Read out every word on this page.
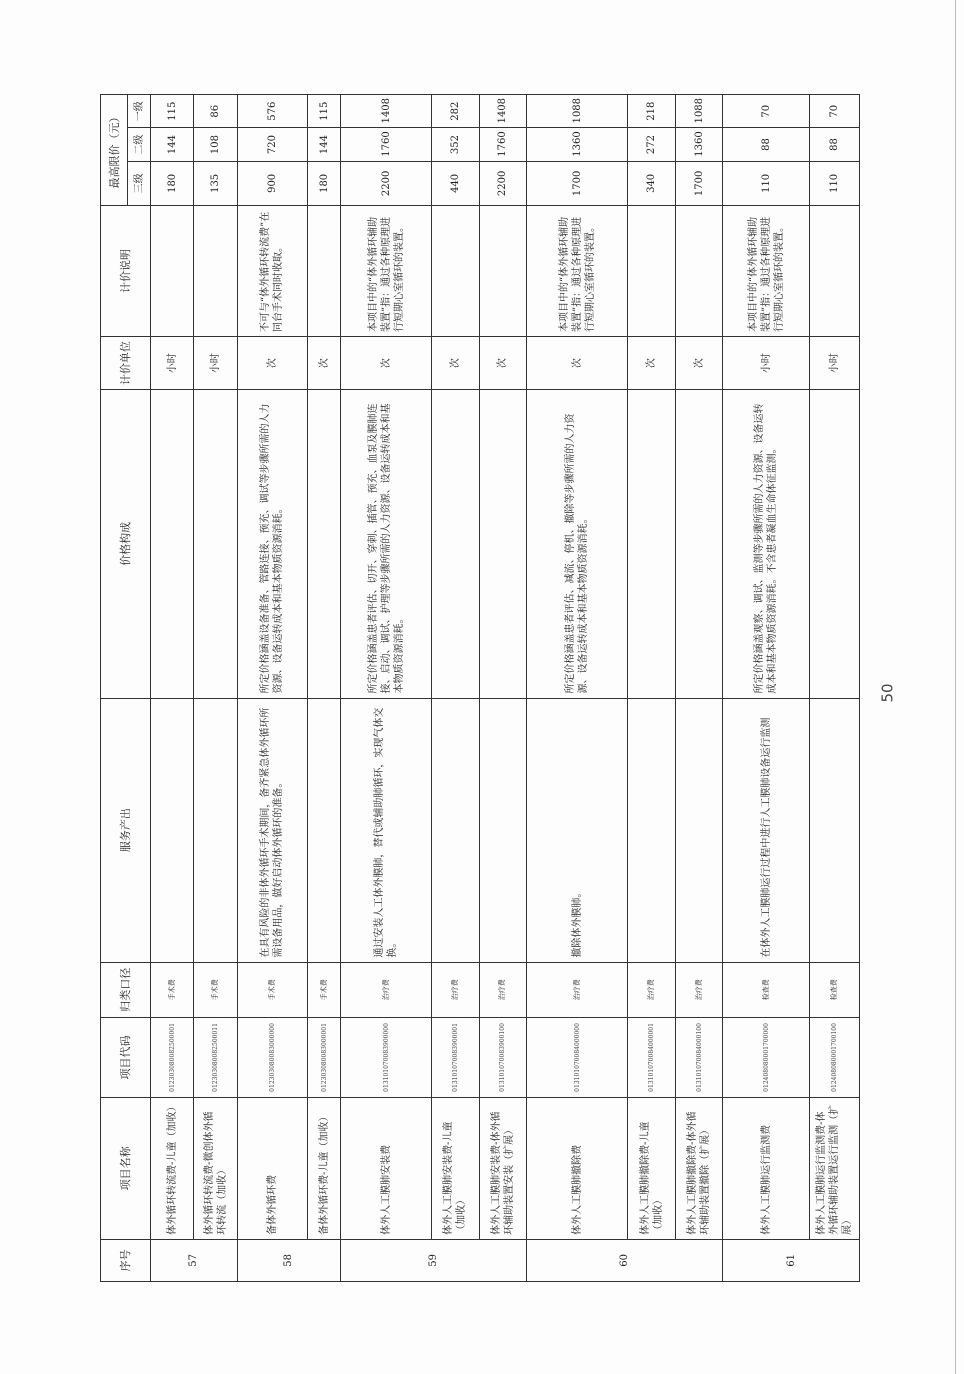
序号	项目名称	项目代码	归类口径	服务产出	价格构成	计价单位	计价说明	最高限价（元）		
								三级	二级	一级
57	体外循环转流费-儿童（加收）	012303080082500001	手术费			小时		180	144	115
	体外循环转流费-微创体外循环转流（加收）	012303080082500011	手术费			小时		135	108	86
58	备体外循环费	012303080083000000	手术费	在具有风险的非体外循环手术期间，备齐紧急体外循环所需设备用品，做好启动体外循环的准备。	所定价格涵盖设备准备、管路连接、预充、调试等步骤所需的人力资源、设备运转成本和基本物质资源消耗。	次	不可与“体外循环转流费”在同台手术同时收取。	900	720	576
	备体外循环费-儿童（加收）	012303080083000001	手术费			次		180	144	115
59	体外人工膜肺安装费	013101070083900000	治疗费	通过安装人工体外膜肺，替代或辅助肺循环，实现气体交换。	所定价格涵盖患者评估、切开、穿刺、插管、预充、血泵及膜肺连接、启动、调试、护理等步骤所需的人力资源、设备运转成本和基本物质资源消耗。	次	本项目中的“体外循环辅助装置”指：通过各种原理进行短期心室循环的装置。	2200	1760	1408
	体外人工膜肺安装费-儿童（加收）	013101070083900001	治疗费			次		440	352	282
	体外人工膜肺安装费-体外循环辅助装置安装（扩展）	013101070083900100	治疗费			次		2200	1760	1408
60	体外人工膜肺撤除费	013101070084000000	治疗费	撤除体外膜肺。	所定价格涵盖患者评估、减流、停机、撤除等步骤所需的人力资源、设备运转成本和基本物质资源消耗。	次	本项目中的“体外循环辅助装置”指：通过各种原理进行短期心室循环的装置。	1700	1360	1088
	体外人工膜肺撤除费-儿童（加收）	013101070084000001	治疗费			次		340	272	218
	体外人工膜肺撤除费-体外循环辅助装置撤除（扩展）	013101070084000100	治疗费			次		1700	1360	1088
61	体外人工膜肺运行监测费	012408080001700000	检查费	在体外人工膜肺运行过程中进行人工膜肺设备运行监测	所定价格涵盖观察、调试、监测等步骤所需的人力资源、设备运转成本和基本物质资源消耗。不含患者凝血生命体征监测。	小时	本项目中的“体外循环辅助装置”指：通过各种原理进行短期心室循环的装置。	110	88	70
	体外人工膜肺运行监测费-体外循环辅助装置运行监测（扩展）	012408080001700100	检查费			小时		110	88	70
50
